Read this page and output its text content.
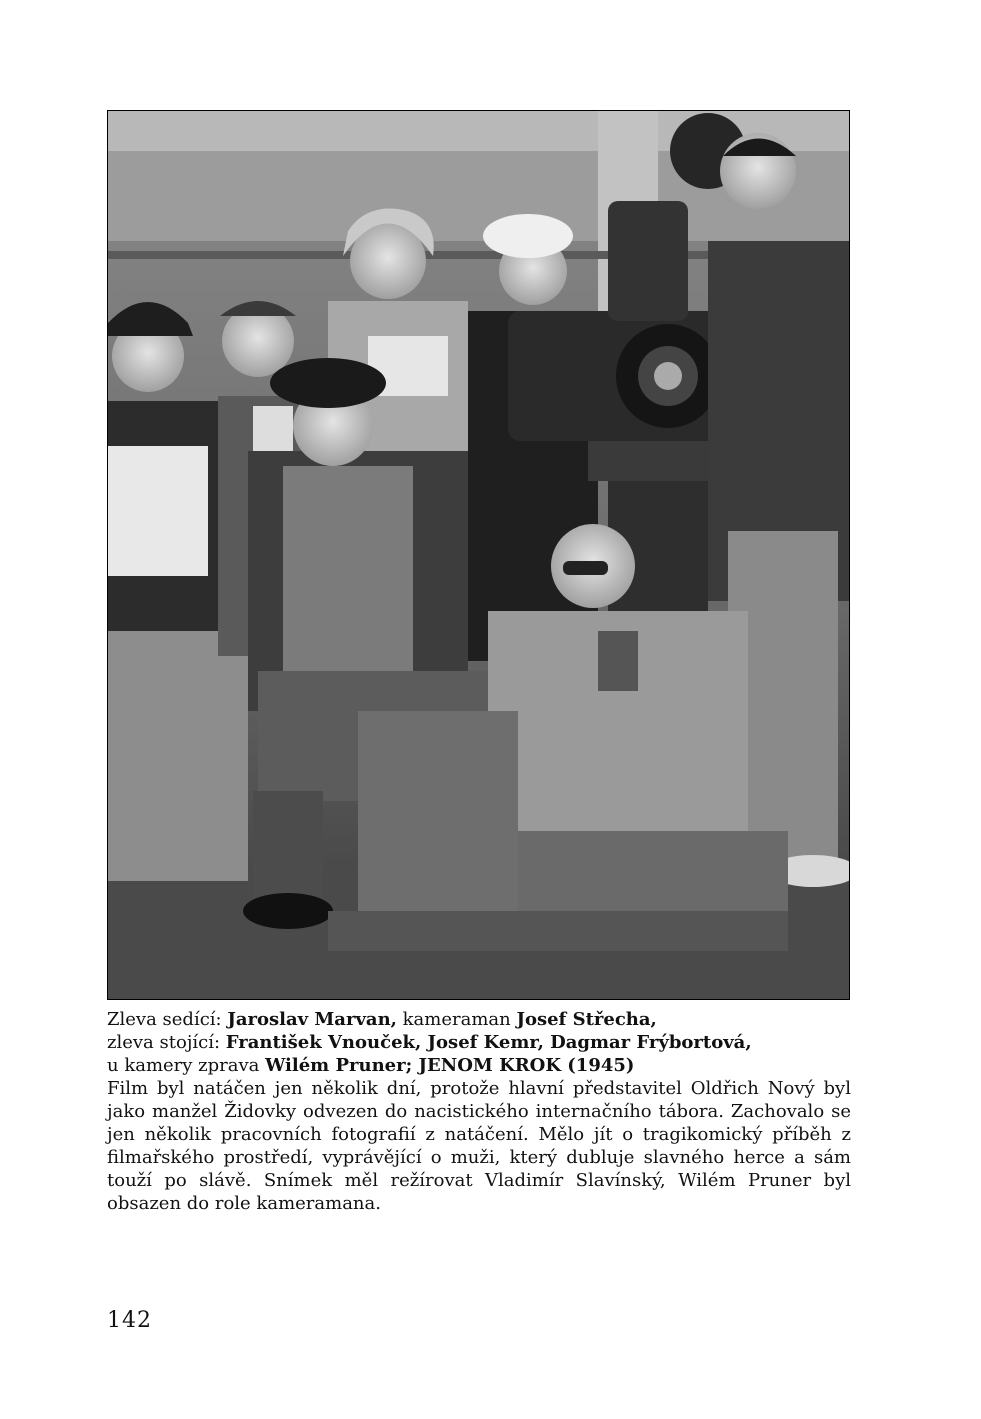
Zleva sedící: Jaroslav Marvan, kameraman Josef Střecha,
zleva stojící: František Vnouček, Josef Kemr, Dagmar Frýbortová,
u kamery zprava Wilém Pruner; JENOM KROK (1945)
Film byl natáčen jen několik dní, protože hlavní představitel Oldřich Nový byl jako manžel Židovky odvezen do nacistického internačního tábora. Zachovalo se jen několik pracovních fotografií z natáčení. Mělo jít o tragikomický příběh z filmařského prostředí, vyprávějící o muži, který dubluje slavného herce a sám touží po slávě. Snímek měl režírovat Vladimír Slavínský, Wilém Pruner byl obsazen do role kameramana.
142
